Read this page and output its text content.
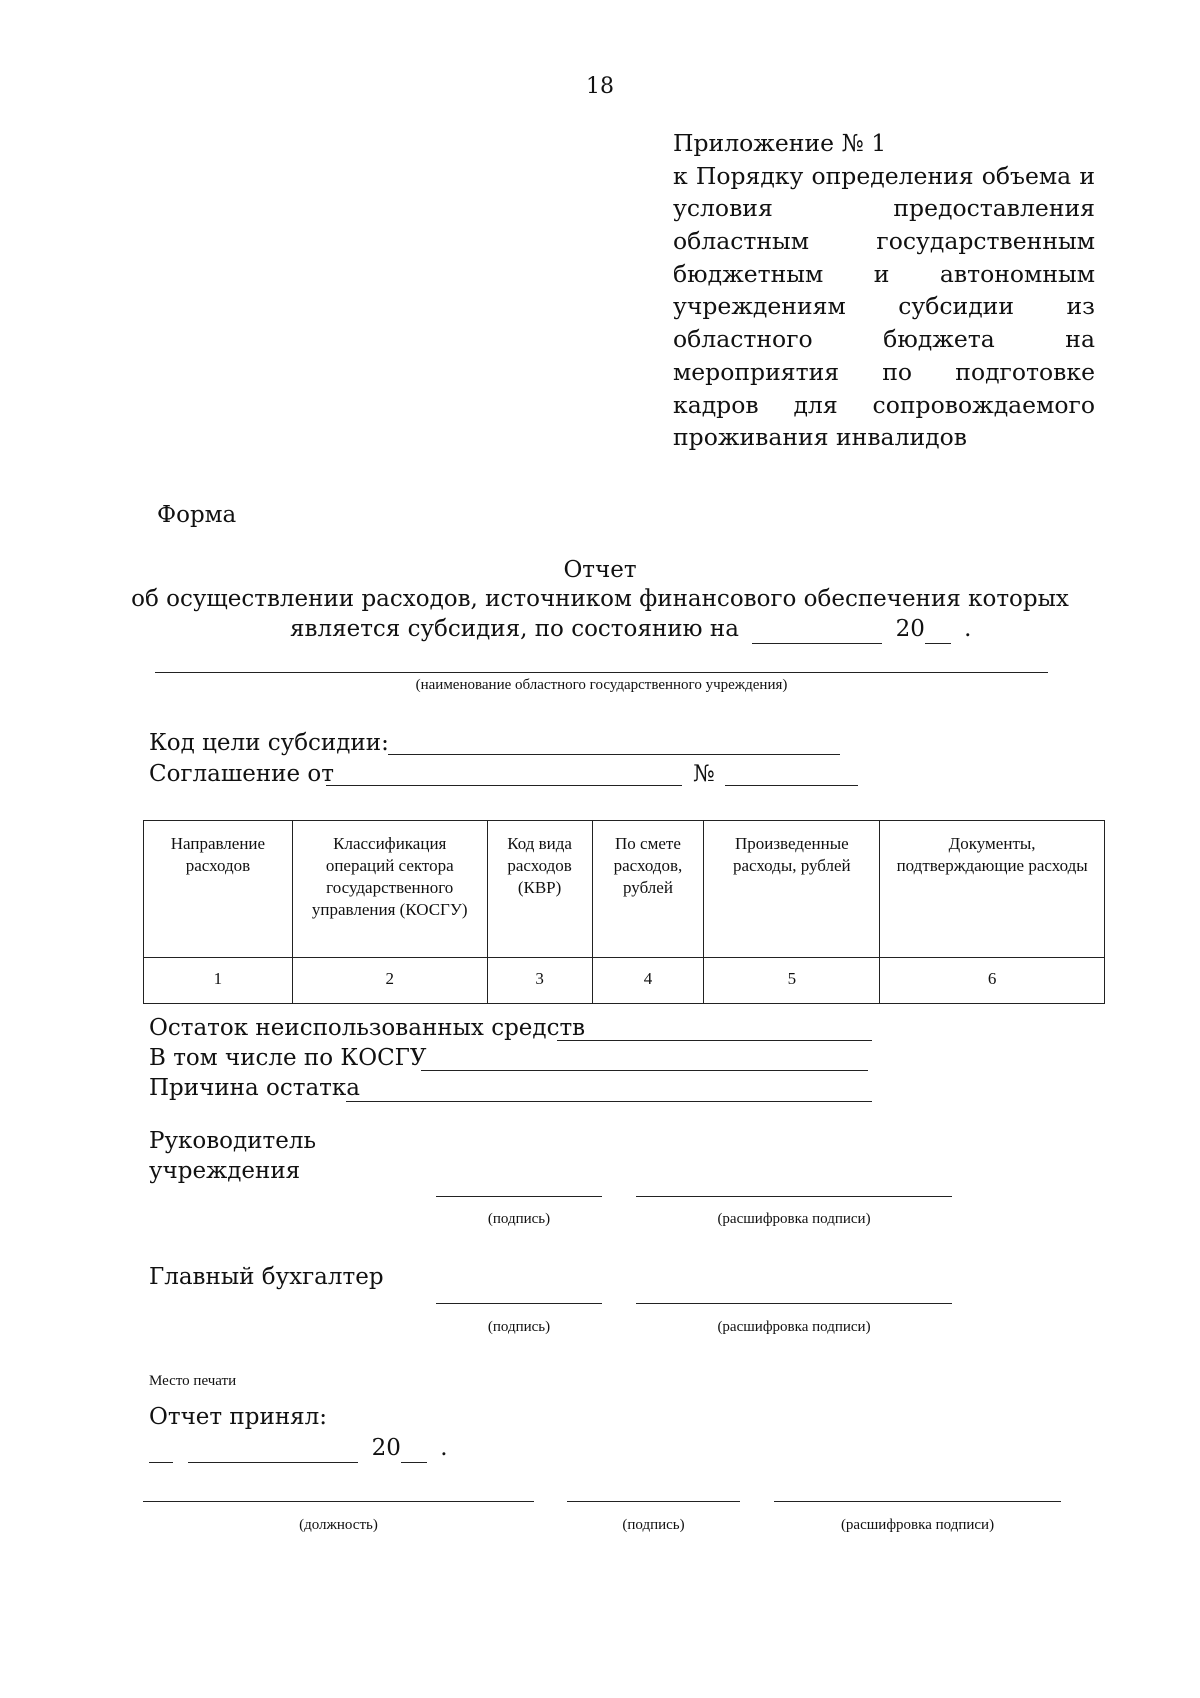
18
Приложение № 1
к Порядку определения объема и
условия	предоставления
областным	государственным
бюджетным и автономным
учреждениям субсидии из
областного	бюджета	на
мероприятия по подготовке
кадров для сопровождаемого
проживания инвалидов
Форма
Отчет
об осуществлении расходов, источником финансового обеспечения которых
является субсидия, по состоянию на	20 .
(наименование областного государственного учреждения)
Код цели субсидии:
Соглашение от	№
Направление расходов	Классификация операций сектора государственного управления (КОСГУ)	Код вида расходов (КВР)	По смете расходов, рублей	Произведенные расходы, рублей	Документы, подтверждающие расходы
1	2	3	4	5	6
Остаток неиспользованных средств
В том числе по КОСГУ
Причина остатка
Руководитель
учреждения
(подпись)	(расшифровка подписи)
Главный бухгалтер
(подпись)	(расшифровка подписи)
Место печати
Отчет принял:
20 .
(должность)	(подпись)	(расшифровка подписи)
